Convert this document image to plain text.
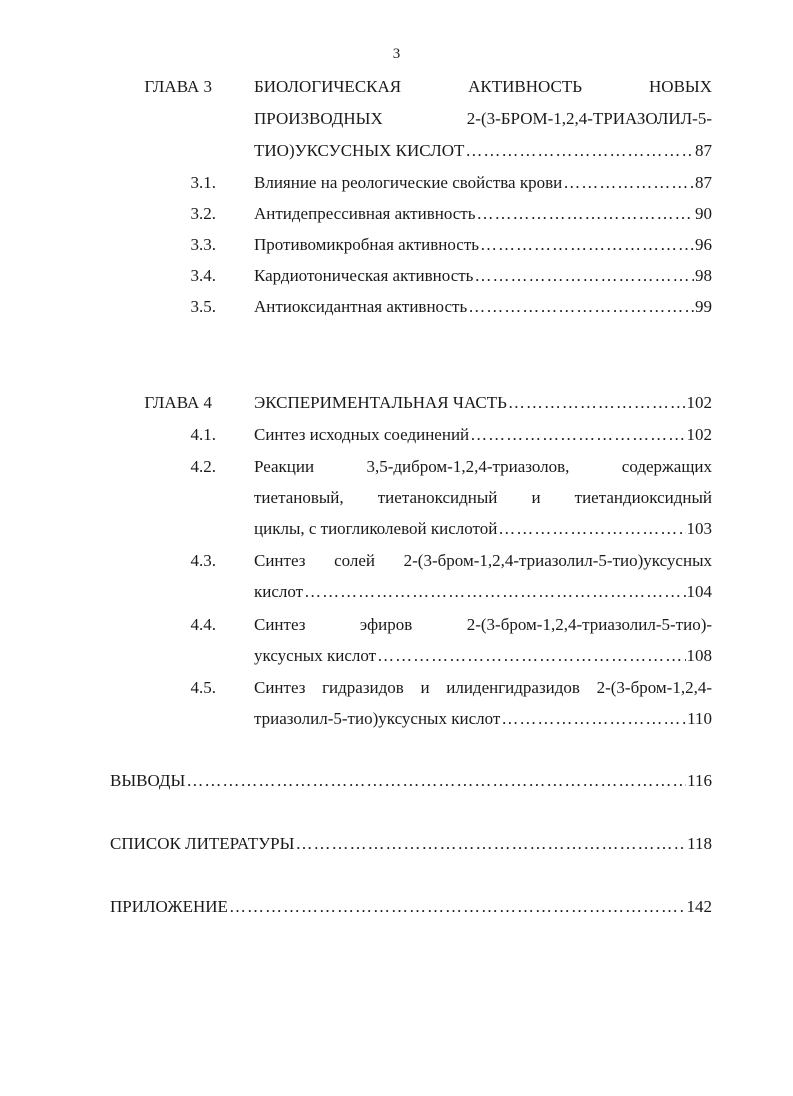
3
ГЛАВА 3 БИОЛОГИЧЕСКАЯ	АКТИВНОСТЬ	НОВЫХ
ПРОИЗВОДНЫХ	2-(3-БРОМ-1,2,4-ТРИАЗОЛИЛ-5-
ТИО)УКСУСНЫХ КИСЛОТ …………………………………………………………………………………………………………………………………………………………………………	87
3.1. Влияние на реологические свойства крови …………………………………………………………………………………………………………………………………………………………………………	87
3.2. Антидепрессивная активность …………………………………………………………………………………………………………………………………………………………………………	90
3.3. Противомикробная активность …………………………………………………………………………………………………………………………………………………………………………	96
3.4. Кардиотоническая активность …………………………………………………………………………………………………………………………………………………………………………	98
3.5. Антиоксидантная активность …………………………………………………………………………………………………………………………………………………………………………	99
ГЛАВА 4 ЭКСПЕРИМЕНТАЛЬНАЯ ЧАСТЬ …………………………………………………………………………………………………………………………………………………………………………	102
4.1. Синтез исходных соединений …………………………………………………………………………………………………………………………………………………………………………	102
4.2. Реакции	3,5-дибром-1,2,4-триазолов,	содержащих
тиетановый, тиетаноксидный и тиетандиоксидный
циклы, с тиогликолевой кислотой …………………………………………………………………………………………………………………………………………………………………………	103
4.3. Синтез солей 2-(3-бром-1,2,4-триазолил-5-тио)уксусных
кислот …………………………………………………………………………………………………………………………………………………………………………	104
4.4. Синтез	эфиров	2-(3-бром-1,2,4-триазолил-5-тио)-
уксусных кислот …………………………………………………………………………………………………………………………………………………………………………	108
4.5. Синтез гидразидов и илиденгидразидов 2-(3-бром-1,2,4-
триазолил-5-тио)уксусных кислот …………………………………………………………………………………………………………………………………………………………………………	110
ВЫВОДЫ …………………………………………………………………………………………………………………………………………………………………………	116
СПИСОК ЛИТЕРАТУРЫ …………………………………………………………………………………………………………………………………………………………………………	118
ПРИЛОЖЕНИЕ …………………………………………………………………………………………………………………………………………………………………………	142
